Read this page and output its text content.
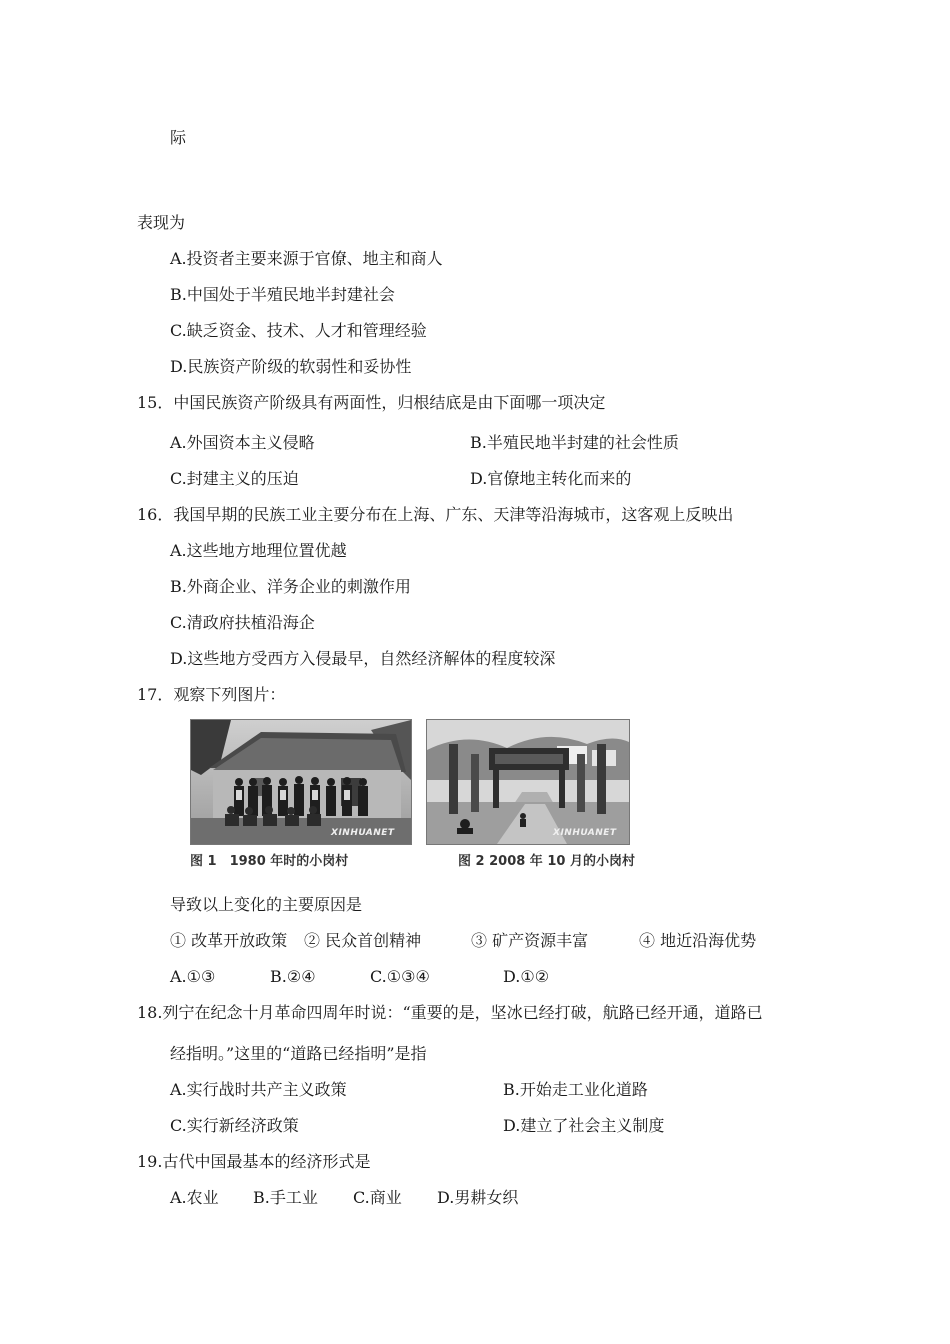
际
表现为
A.投资者主要来源于官僚、地主和商人
B.中国处于半殖民地半封建社会
C.缺乏资金、技术、人才和管理经验
D.民族资产阶级的软弱性和妥协性
15．中国民族资产阶级具有两面性，归根结底是由下面哪一项决定
A.外国资本主义侵略	B.半殖民地半封建的社会性质
C.封建主义的压迫	D.官僚地主转化而来的
16．我国早期的民族工业主要分布在上海、广东、天津等沿海城市，这客观上反映出
A.这些地方地理位置优越
B.外商企业、洋务企业的刺激作用
C.清政府扶植沿海企
D.这些地方受西方入侵最早，自然经济解体的程度较深
17．观察下列图片：
XINHUANET
图 1　1980 年时的小岗村
XINHUANET
图 2 2008 年 10 月的小岗村
导致以上变化的主要原因是
① 改革开放政策 ② 民众首创精神	③ 矿产资源丰富	④ 地近沿海优势
A.①③	B.②④	C.①③④	D.①②
18.列宁在纪念十月革命四周年时说：“重要的是，坚冰已经打破，航路已经开通，道路已
经指明。”这里的“道路已经指明”是指
A.实行战时共产主义政策	B.开始走工业化道路
C.实行新经济政策	D.建立了社会主义制度
19.古代中国最基本的经济形式是
A.农业 B.手工业 C.商业 D.男耕女织
